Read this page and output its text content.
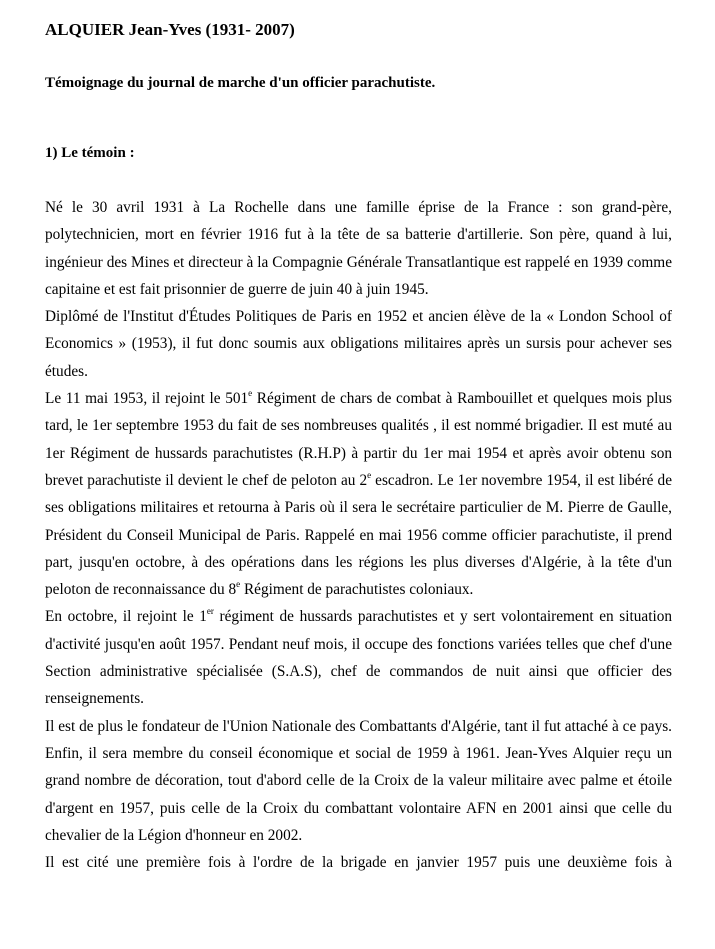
ALQUIER Jean-Yves (1931- 2007)
Témoignage du journal de marche d'un officier parachutiste.
1) Le témoin :

Né le 30 avril 1931 à La Rochelle dans une famille éprise de la France : son grand-père, polytechnicien, mort en février 1916 fut à la tête de sa batterie d'artillerie. Son père, quand à lui, ingénieur des Mines et directeur à la Compagnie Générale Transatlantique est rappelé en 1939 comme capitaine et est fait prisonnier de guerre de juin 40 à juin 1945.

Diplômé de l'Institut d'Études Politiques de Paris en 1952 et ancien élève de la « London School of Economics » (1953), il fut donc soumis aux obligations militaires après un sursis pour achever ses études.

Le 11 mai 1953, il rejoint le 501e Régiment de chars de combat à Rambouillet et quelques mois plus tard, le 1er septembre 1953 du fait de ses nombreuses qualités , il est nommé brigadier. Il est muté au 1er Régiment de hussards parachutistes (R.H.P) à partir du 1er mai 1954 et après avoir obtenu son brevet parachutiste il devient le chef de peloton au 2e escadron. Le 1er novembre 1954, il est libéré de ses obligations militaires et retourna à Paris où il sera le secrétaire particulier de M. Pierre de Gaulle, Président du Conseil Municipal de Paris. Rappelé en mai 1956 comme officier parachutiste, il prend part, jusqu'en octobre, à des opérations dans les régions les plus diverses d'Algérie, à la tête d'un peloton de reconnaissance du 8e Régiment de parachutistes coloniaux.

En octobre, il rejoint le 1er régiment de hussards parachutistes et y sert volontairement en situation d'activité jusqu'en août 1957. Pendant neuf mois, il occupe des fonctions variées telles que chef d'une Section administrative spécialisée (S.A.S), chef de commandos de nuit ainsi que officier des renseignements.

Il est de plus le fondateur de l'Union Nationale des Combattants d'Algérie, tant il fut attaché à ce pays. Enfin, il sera membre du conseil économique et social de 1959 à 1961. Jean-Yves Alquier reçu un grand nombre de décoration, tout d'abord celle de la Croix de la valeur militaire avec palme et étoile d'argent en 1957, puis celle de la Croix du combattant volontaire AFN en 2001 ainsi que celle du chevalier de la Légion d'honneur en 2002.

Il est cité une première fois à l'ordre de la brigade en janvier 1957 puis une deuxième fois à
